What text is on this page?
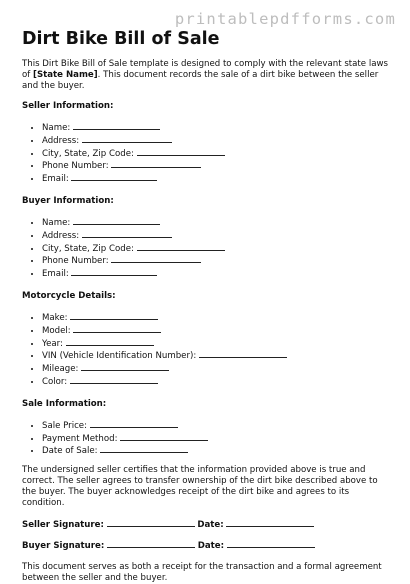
printablepdfforms.com
Dirt Bike Bill of Sale

This Dirt Bike Bill of Sale template is designed to comply with the relevant state laws of [State Name]. This document records the sale of a dirt bike between the seller and the buyer.

Seller Information:
• Name:
• Address:
• City, State, Zip Code:
• Phone Number:
• Email:
Buyer Information:
• Name:
• Address:
• City, State, Zip Code:
• Phone Number:
• Email:
Motorcycle Details:
• Make:
• Model:
• Year:
• VIN (Vehicle Identification Number):
• Mileage:
• Color:
Sale Information:
• Sale Price:
• Payment Method:
• Date of Sale:

The undersigned seller certifies that the information provided above is true and correct. The seller agrees to transfer ownership of the dirt bike described above to the buyer. The buyer acknowledges receipt of the dirt bike and agrees to its condition.

Seller Signature:	Date:
Buyer Signature:	Date:

This document serves as both a receipt for the transaction and a formal agreement between the seller and the buyer.
